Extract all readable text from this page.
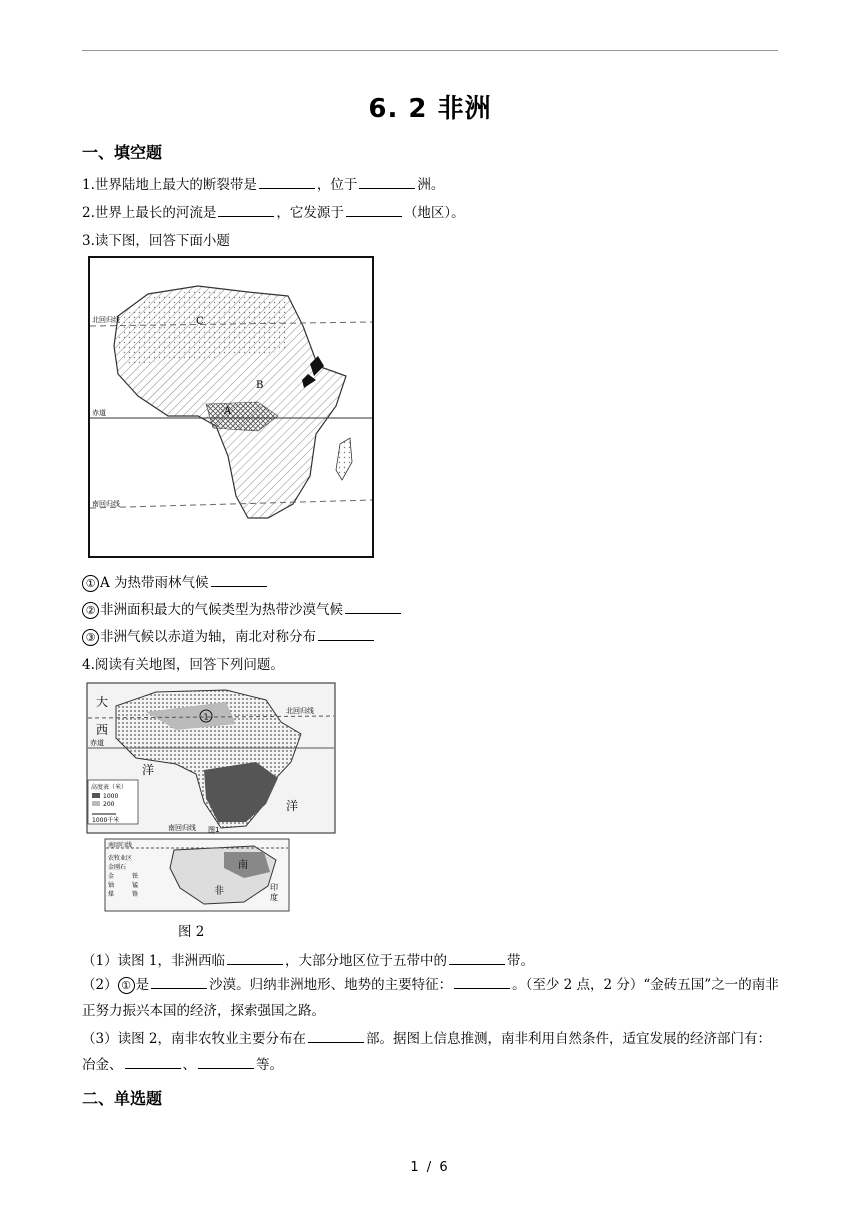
6. 2 非洲
一、填空题
1.世界陆地上最大的断裂带是	，位于	洲。
2.世界上最长的河流是	，它发源于	（地区）。
3.读下图，回答下面小题
北回归线
赤道
南回归线
C
B
A
① A 为热带雨林气候
② 非洲面积最大的气候类型为热带沙漠气候
③ 非洲气候以赤道为轴，南北对称分布
4.阅读有关地图，回答下列问题。
1
大
西
洋
北回归线
赤道
高度表（米）
1000
200
1000千米
南回归线 图1
洋
南回归线
南
非	印
度
农牧业区
金刚石
金	铁
铀	锰
煤	铬
图 2
（1）读图 1，非洲西临	，大部分地区位于五带中的	带。
（2） ① 是	沙漠。归纳非洲地形、地势的主要特征：	。（至少 2 点，2 分）“金砖五国”之一的南非正努力振兴本国的经济，探索强国之路。
（3）读图 2，南非农牧业主要分布在	部。据图上信息推测，南非利用自然条件，适宜发展的经济部门有：冶金、	、	等。
二、单选题
1 / 6
